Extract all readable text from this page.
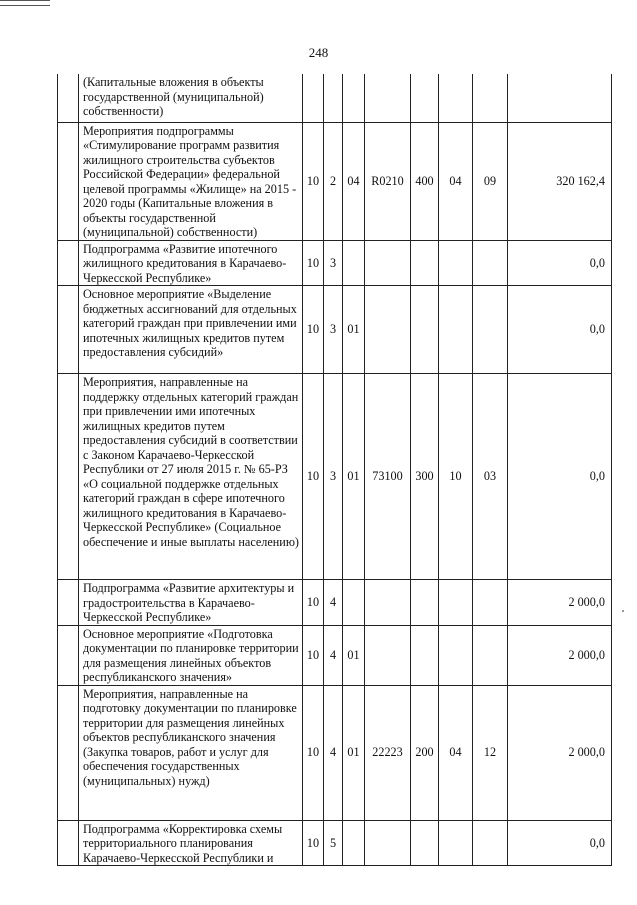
248
	(Капитальные вложения в объекты государственной (муниципальной) собственности)								
	Мероприятия подпрограммы «Стимулирование программ развития жилищного строительства субъектов Российской Федерации» федеральной целевой программы «Жилище» на 2015 - 2020 годы (Капитальные вложения в объекты государственной (муниципальной) собственности)	10	2	04	R0210	400	04	09	320 162,4
	Подпрограмма «Развитие ипотечного жилищного кредитования в Карачаево-Черкесской Республике»	10	3						0,0
	Основное мероприятие «Выделение бюджетных ассигнований для отдельных категорий граждан при привлечении ими ипотечных жилищных кредитов путем предоставления субсидий»	10	3	01					0,0
	Мероприятия, направленные на поддержку отдельных категорий граждан при привлечении ими ипотечных жилищных кредитов путем предоставления субсидий в соответствии с Законом Карачаево-Черкесской Республики от 27 июля 2015 г. № 65-РЗ «О социальной поддержке отдельных категорий граждан в сфере ипотечного жилищного кредитования в Карачаево-Черкесской Республике» (Социальное обеспечение и иные выплаты населению)	10	3	01	73100	300	10	03	0,0
	Подпрограмма «Развитие архитектуры и градостроительства в Карачаево-Черкесской Республике»	10	4						2 000,0
	Основное мероприятие «Подготовка документации по планировке территории для размещения линейных объектов республиканского значения»	10	4	01					2 000,0
	Мероприятия, направленные на подготовку документации по планировке территории для размещения линейных объектов республиканского значения (Закупка товаров, работ и услуг для обеспечения государственных (муниципальных) нужд)	10	4	01	22223	200	04	12	2 000,0
	Подпрограмма «Корректировка схемы территориального планирования Карачаево-Черкесской Республики и	10	5						0,0
